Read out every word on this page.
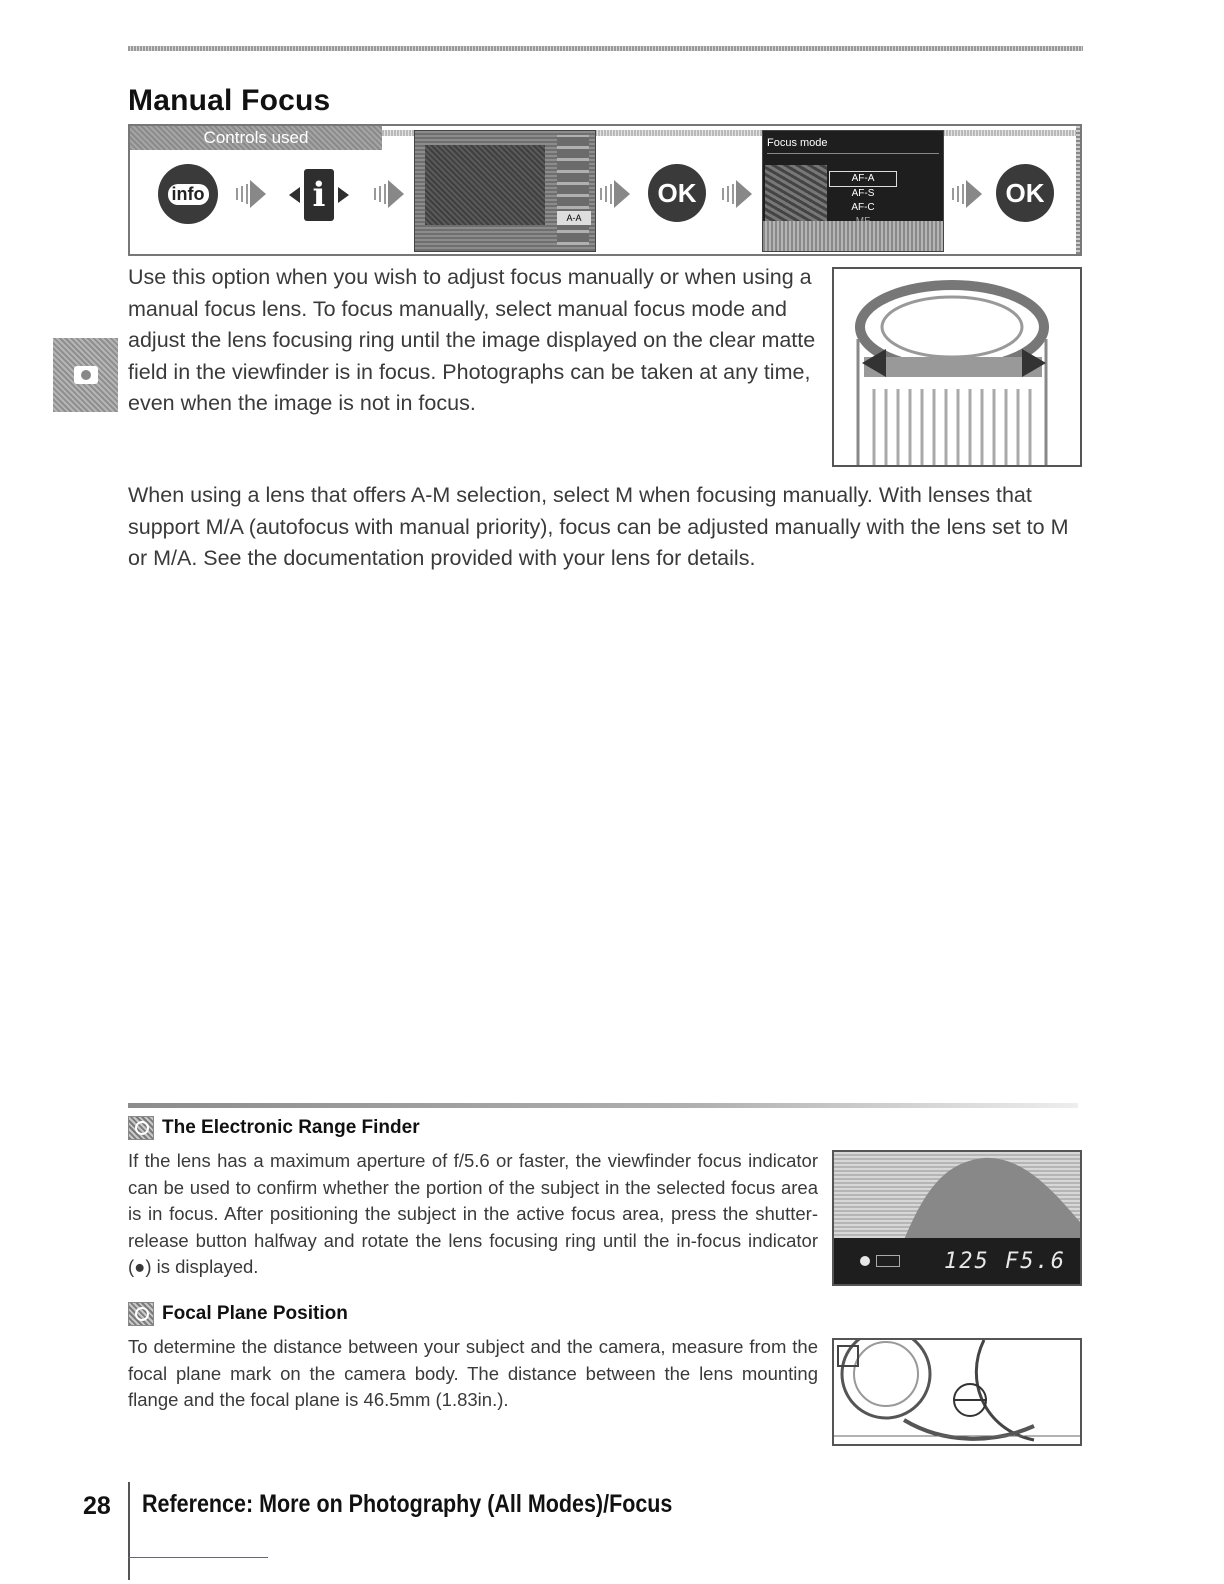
Manual Focus
Controls used
info	i
A-A
OK
Focus mode
AF-A
AF-S
AF-C	OK
Use this option when you wish to adjust focus manually or when using a manual focus lens. To focus manually, select manual focus mode and adjust the lens focusing ring until the image displayed on the clear matte field in the viewfinder is in focus. Photographs can be taken at any time, even when the image is not in focus.
When using a lens that offers A-M selection, select M when focusing manually. With lenses that support M/A (autofocus with manual priority), focus can be adjusted manually with the lens set to M or M/A. See the documentation provided with your lens for details.
The Electronic Range Finder
If the lens has a maximum aperture of f/5.6 or faster, the viewfinder focus indicator can be used to confirm whether the portion of the subject in the selected focus area is in focus. After positioning the subject in the active focus area, press the shutter-release button halfway and rotate the lens focusing ring until the in-focus indicator (●) is displayed.	125 F5.6
Focal Plane Position
To determine the distance between your subject and the camera, measure from the focal plane mark on the camera body. The distance between the lens mounting flange and the focal plane is 46.5mm (1.83in.).
28 Reference: More on Photography (All Modes)/Focus
